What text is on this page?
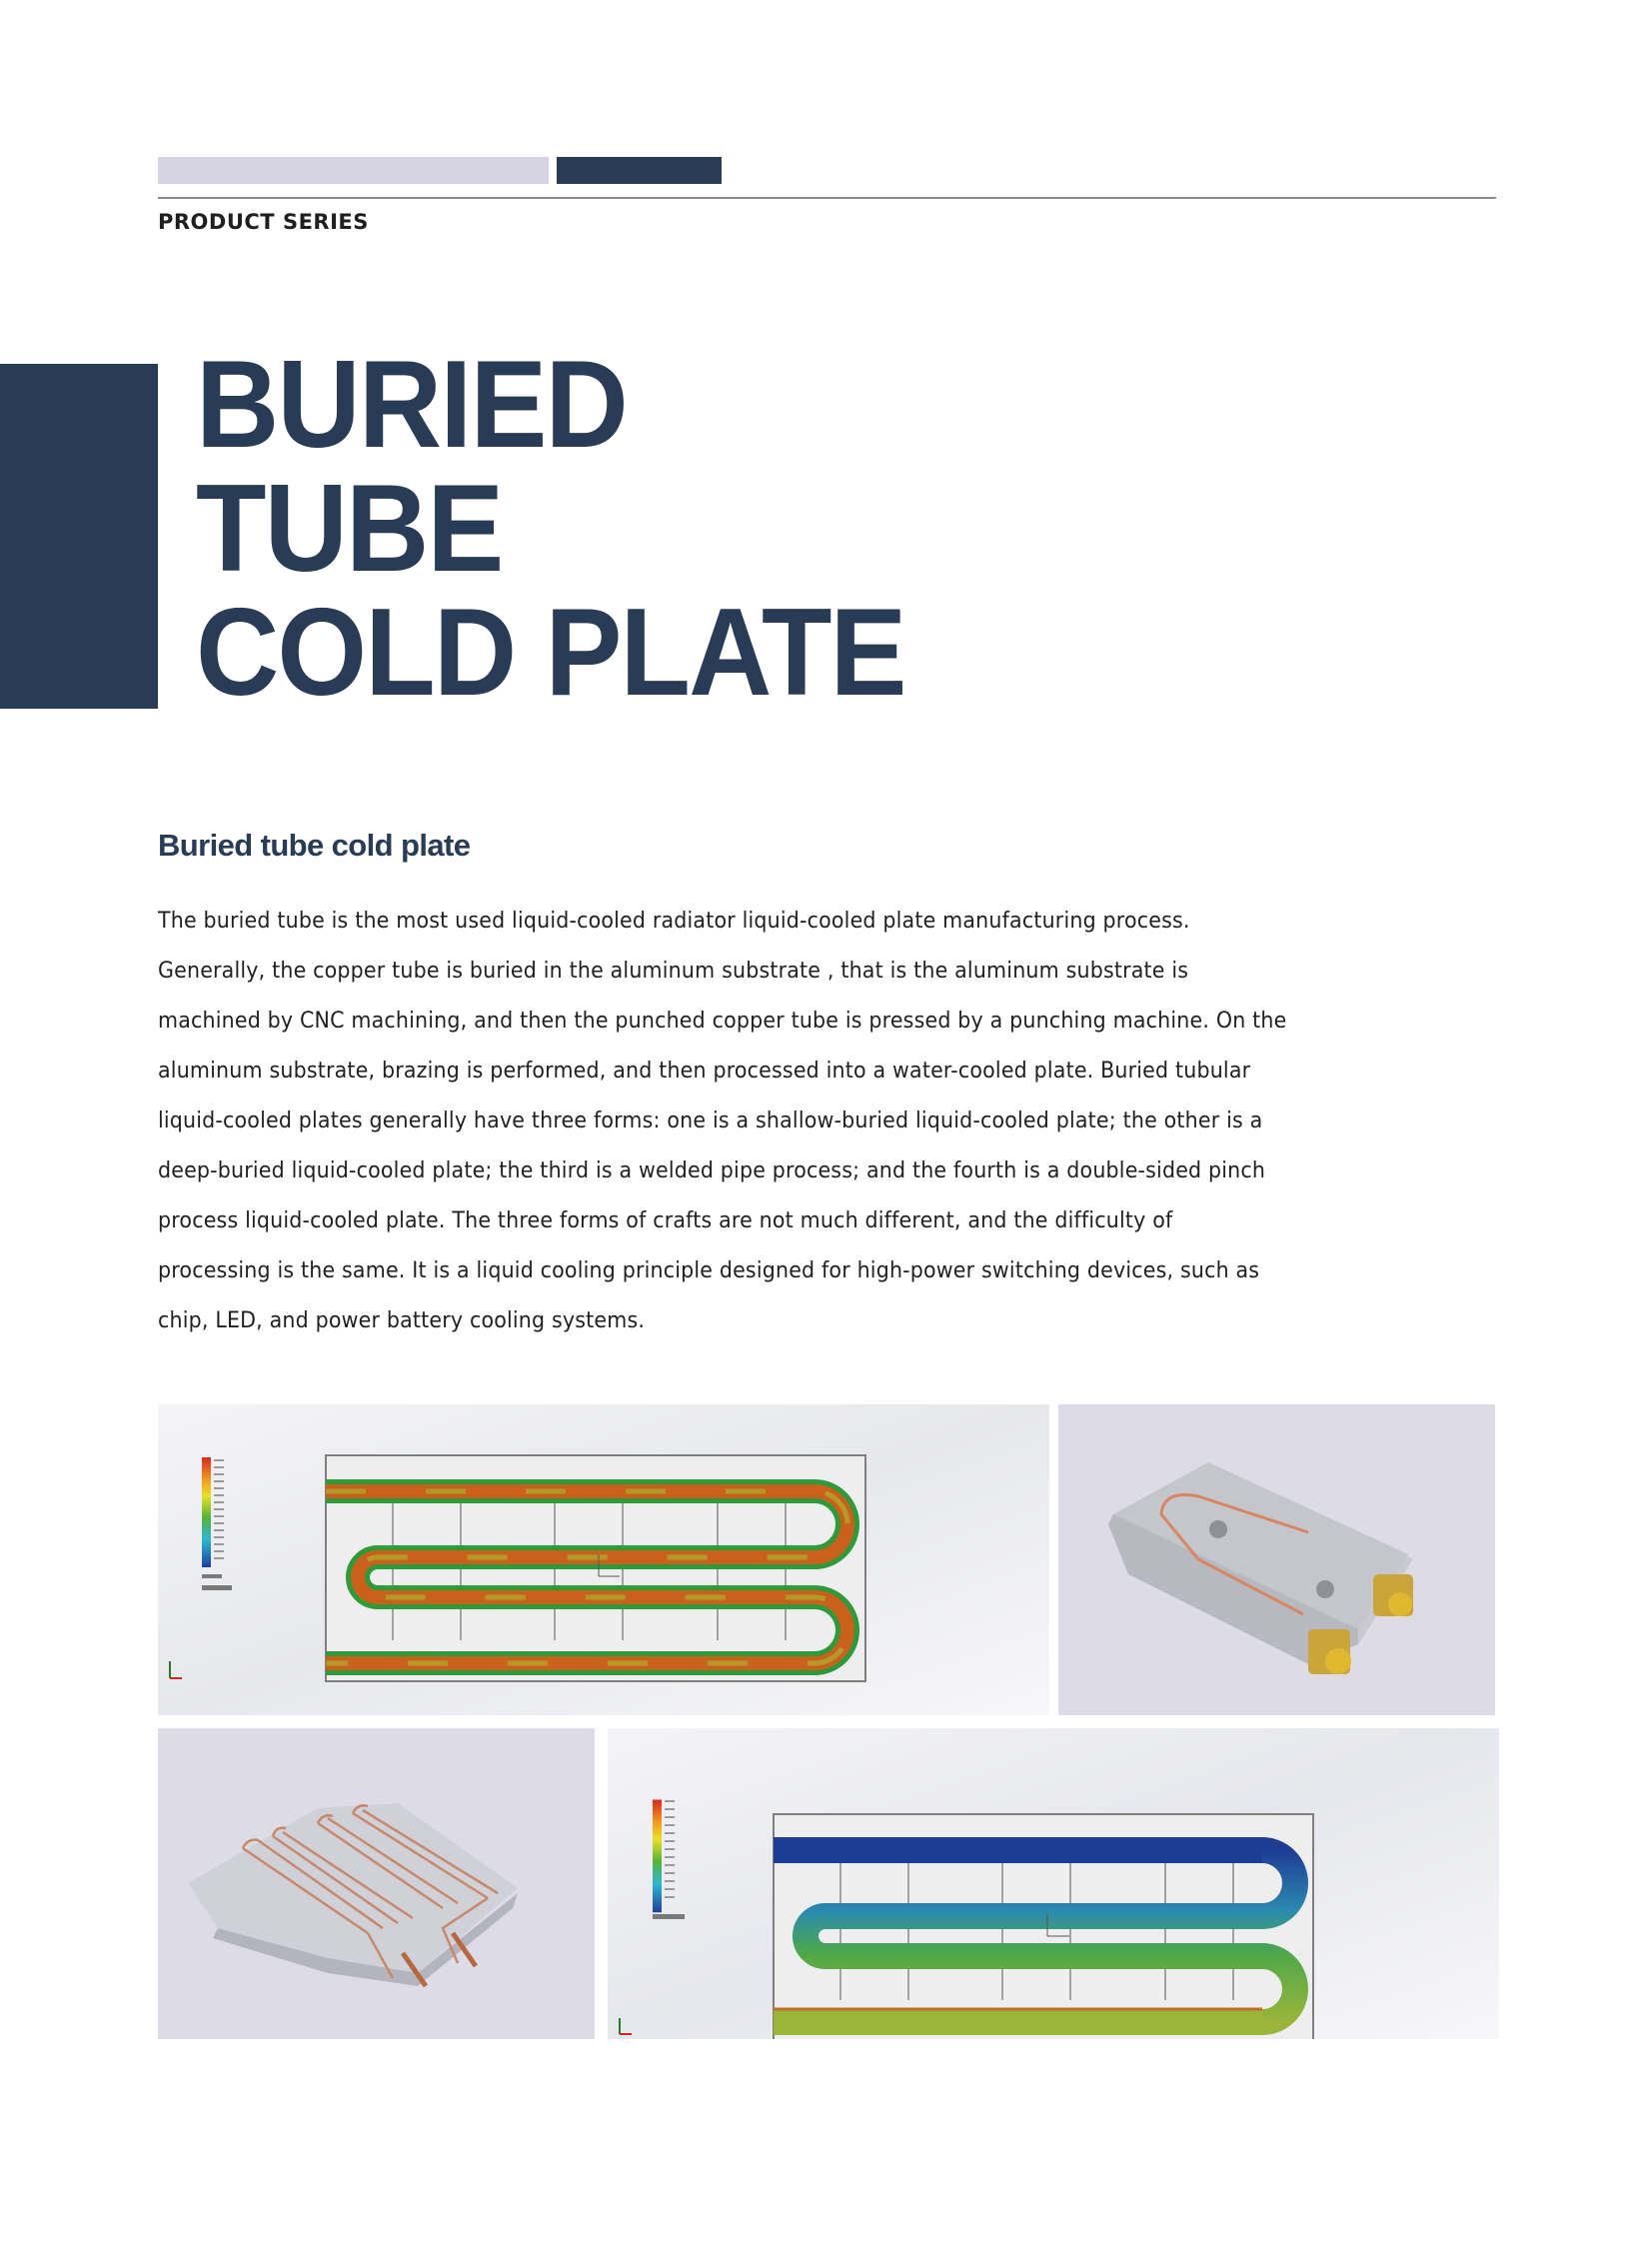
PRODUCT SERIES
BURIED
TUBE
COLD PLATE
Buried tube cold plate
The buried tube is the most used liquid-cooled radiator liquid-cooled plate manufacturing process.
Generally, the copper tube is buried in the aluminum substrate , that is the aluminum substrate is
machined by CNC machining, and then the punched copper tube is pressed by a punching machine. On the
aluminum substrate, brazing is performed, and then processed into a water-cooled plate. Buried tubular
liquid-cooled plates generally have three forms: one is a shallow-buried liquid-cooled plate; the other is a
deep-buried liquid-cooled plate; the third is a welded pipe process; and the fourth is a double-sided pinch
process liquid-cooled plate. The three forms of crafts are not much different, and the difficulty of
processing is the same. It is a liquid cooling principle designed for high-power switching devices, such as
chip, LED, and power battery cooling systems.
